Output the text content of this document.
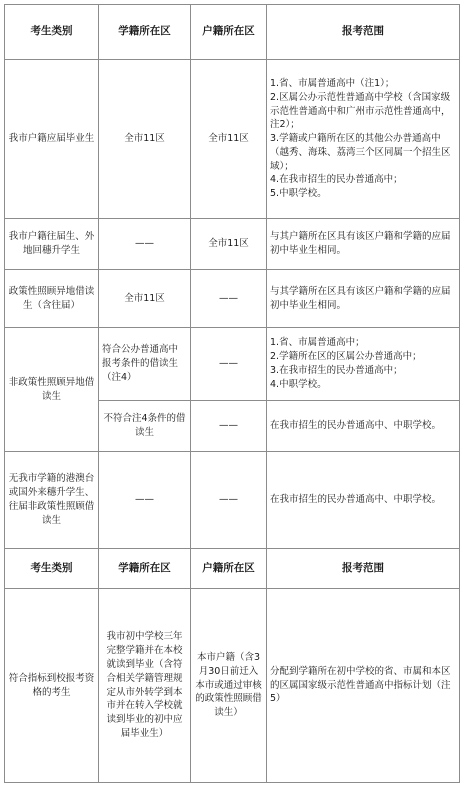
考生类别	学籍所在区	户籍所在区	报考范围
我市户籍应届毕业生	全市11区	全市11区	1.省、市属普通高中（注1）；
2.区属公办示范性普通高中学校（含国家级示范性普通高中和广州市示范性普通高中，注2）；
3.学籍或户籍所在区的其他公办普通高中（越秀、海珠、荔湾三个区同属一个招生区域）；
4.在我市招生的民办普通高中；
5.中职学校。

我市户籍往届生、外地回穗升学生	——	全市11区	与其户籍所在区具有该区户籍和学籍的应届初中毕业生相同。
政策性照顾异地借读生（含往届）	全市11区	——	与其学籍所在区具有该区户籍和学籍的应届初中毕业生相同。
非政策性照顾异地借读生	符合公办普通高中报考条件的借读生（注4）	——	1.省、市属普通高中；
2.学籍所在区的区属公办普通高中；
3.在我市招生的民办普通高中；
4.中职学校。

	不符合注4条件的借读生	——	在我市招生的民办普通高中、中职学校。
无我市学籍的港澳台或国外来穗升学生、往届非政策性照顾借读生	——	——	在我市招生的民办普通高中、中职学校。
考生类别	学籍所在区	户籍所在区	报考范围
符合指标到校报考资格的考生	我市初中学校三年完整学籍并在本校就读到毕业（含符合相关学籍管理规定从市外转学到本市并在转入学校就读到毕业的初中应届毕业生）	本市户籍（含3月30日前迁入本市或通过审核的政策性照顾借读生）	分配到学籍所在初中学校的省、市属和本区的区属国家级示范性普通高中指标计划（注5）
